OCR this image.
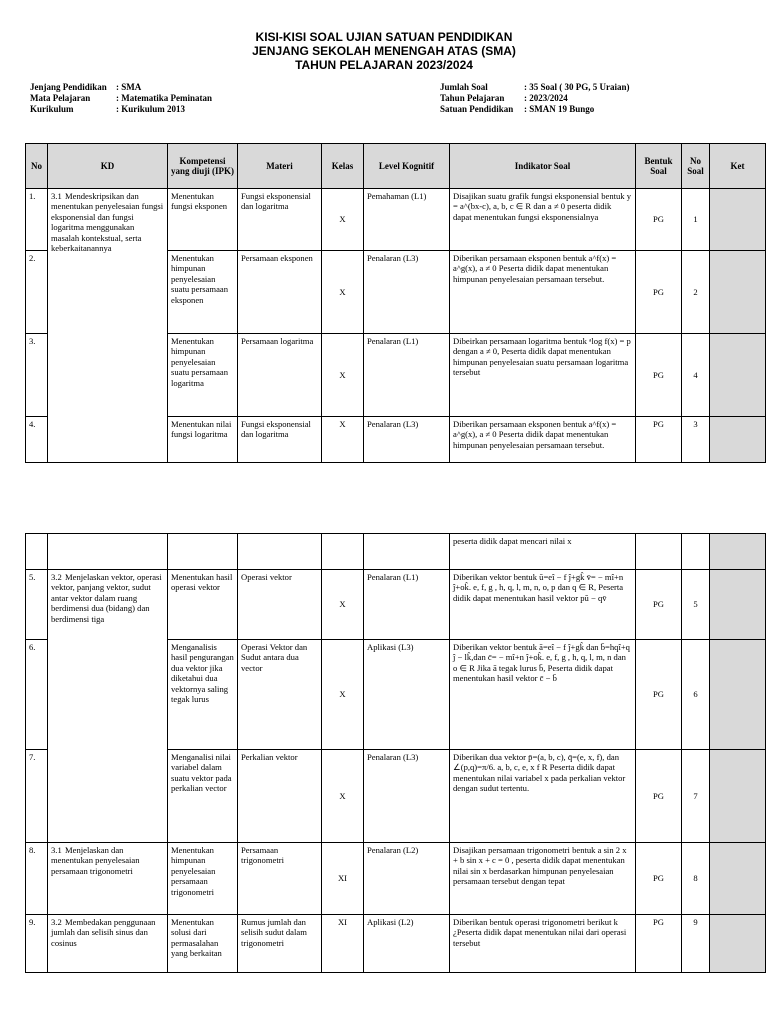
KISI-KISI SOAL UJIAN SATUAN PENDIDIKAN
JENJANG SEKOLAH MENENGAH ATAS (SMA)
TAHUN PELAJARAN 2023/2024
Jenjang Pendidikan	: SMA
Mata Pelajaran	: Matematika Peminatan
Kurikulum	: Kurikulum 2013
Jumlah Soal	: 35 Soal ( 30 PG, 5 Uraian)
Tahun Pelajaran	: 2023/2024
Satuan Pendidikan	: SMAN 19 Bungo
No	KD	Kompetensi yang diuji (IPK)	Materi	Kelas	Level Kognitif	Indikator Soal	Bentuk Soal	No Soal	Ket
1.	3.1 Mendeskripsikan dan menentukan penyelesaian fungsi eksponensial dan fungsi logaritma menggunakan masalah kontekstual, serta keberkaitanannya	Menentukan fungsi eksponen	Fungsi eksponensial dan logaritma	X	Pemahaman (L1)	Disajikan suatu grafik fungsi eksponensial bentuk y = a^(bx-c), a, b, c ∈ R dan a ≠ 0 peserta didik dapat menentukan fungsi eksponensialnya	PG	1	
2.		Menentukan himpunan penyelesaian suatu persamaan eksponen	Persamaan eksponen	X	Penalaran (L3)	Diberikan persamaan eksponen bentuk a^f(x) = a^g(x), a ≠ 0 Peserta didik dapat menentukan himpunan penyelesaian persamaan tersebut.	PG	2	
3.		Menentukan himpunan penyelesaian suatu persamaan logaritma	Persamaan logaritma	X	Penalaran (L1)	Dibeirkan persamaan logaritma bentuk ᵃlog f(x) = p dengan a ≠ 0, Peserta didik dapat menentukan himpunan penyelesaian suatu persamaan logaritma tersebut	PG	4	
4.		Menentukan nilai fungsi logaritma	Fungsi eksponensial dan logaritma	X	Penalaran (L3)	Diberikan persamaan eksponen bentuk a^f(x) = a^g(x), a ≠ 0 Peserta didik dapat menentukan himpunan penyelesaian persamaan tersebut.	PG	3	
						peserta didik dapat mencari nilai x			
5.	3.2 Menjelaskan vektor, operasi vektor, panjang vektor, sudut antar vektor dalam ruang berdimensi dua (bidang) dan berdimensi tiga	Menentukan hasil operasi vektor	Operasi vektor	X	Penalaran (L1)	Diberikan vektor bentuk ū=eî − f ĵ+gk̂ v̄= − mî+n ĵ+ok̂. e, f, g , h, q, l, m, n, o, p dan q ∈ R, Peserta didik dapat menentukan hasil vektor pū − qv̄	PG	5	
6.		Menganalisis hasil pengurangan dua vektor jika diketahui dua vektornya saling tegak lurus	Operasi Vektor dan Sudut antara dua vector	X	Aplikasi (L3)	Diberikan vektor bentuk ā=eî − f ĵ+gk̂ dan b̄=hqî+q ĵ − lk̂,dan c̄= − mî+n ĵ+ok̂. e, f, g , h, q, l, m, n dan o ∈ R Jika ā tegak lurus b̄, Peserta didik dapat menentukan hasil vektor c̄ − b̄	PG	6	
7.		Menganalisi nilai variabel dalam suatu vektor pada perkalian vector	Perkalian vektor	X	Penalaran (L3)	Diberikan dua vektor p̄=(a, b, c), q̄=(e, x, f), dan ∠(p,q)=π/6. a, b, c, e, x f R Peserta didik dapat menentukan nilai variabel x pada perkalian vektor dengan sudut tertentu.	PG	7	
8.	3.1 Menjelaskan dan menentukan penyelesaian persamaan trigonometri	Menentukan himpunan penyelesaian persamaan trigonometri	Persamaan trigonometri	XI	Penalaran (L2)	Disajikan persamaan trigonometri bentuk a sin 2 x + b sin x + c = 0 , peserta didik dapat menentukan nilai sin x berdasarkan himpunan penyelesaian persamaan tersebut dengan tepat	PG	8	
9.	3.2 Membedakan penggunaan jumlah dan selisih sinus dan cosinus	Menentukan solusi dari permasalahan yang berkaitan	Rumus jumlah dan selisih sudut dalam trigonometri	XI	Aplikasi (L2)	Diberikan bentuk operasi trigonometri berikut k ¿Peserta didik dapat menentukan nilai dari operasi tersebut	PG	9	
